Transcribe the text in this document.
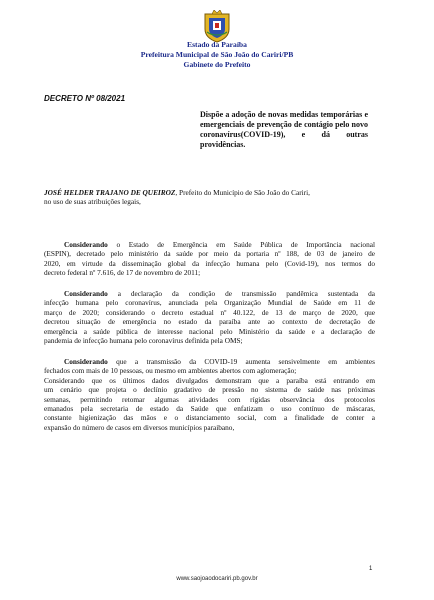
Estado da Paraíba
Prefeitura Municipal de São João do Cariri/PB
Gabinete do Prefeito
DECRETO Nº 08/2021
Dispõe a adoção de novas medidas temporárias e
emergenciais de prevenção de contágio pelo novo
coronavírus(COVID-19), e dá outras
providências.
JOSÉ HELDER TRAJANO DE QUEIROZ, Prefeito do Município de São João do Cariri,
no uso de suas atribuições legais,
Considerando o Estado de Emergência em Saúde Pública de Importância nacional
(ESPIN), decretado pelo ministério da saúde por meio da portaria nº 188, de 03 de janeiro de
2020, em virtude da disseminação global da infecção humana pelo (Covid-19), nos termos do
decreto federal nº 7.616, de 17 de novembro de 2011;
Considerando a declaração da condição de transmissão pandêmica sustentada da
infecção humana pelo coronavírus, anunciada pela Organização Mundial de Saúde em 11 de
março de 2020; considerando o decreto estadual nº 40.122, de 13 de março de 2020, que
decretou situação de emergência no estado da paraíba ante ao contexto de decretação de
emergência a saúde pública de interesse nacional pelo Ministério da saúde e a declaração de
pandemia de infecção humana pelo coronavírus definida pela OMS;
Considerando que a transmissão da COVID-19 aumenta sensivelmente em ambientes
fechados com mais de 10 pessoas, ou mesmo em ambientes abertos com aglomeração;
Considerando que os últimos dados divulgados demonstram que a paraíba está entrando em
um cenário que projeta o declínio gradativo de pressão no sistema de saúde nas próximas
semanas, permitindo retomar algumas atividades com rígidas observância dos protocolos
emanados pela secretaria de estado da Saúde que enfatizam o uso contínuo de máscaras,
constante higienização das mãos e o distanciamento social, com a finalidade de conter a
expansão do número de casos em diversos municípios paraibano,
1
www.saojoaodocariri.pb.gov.br
